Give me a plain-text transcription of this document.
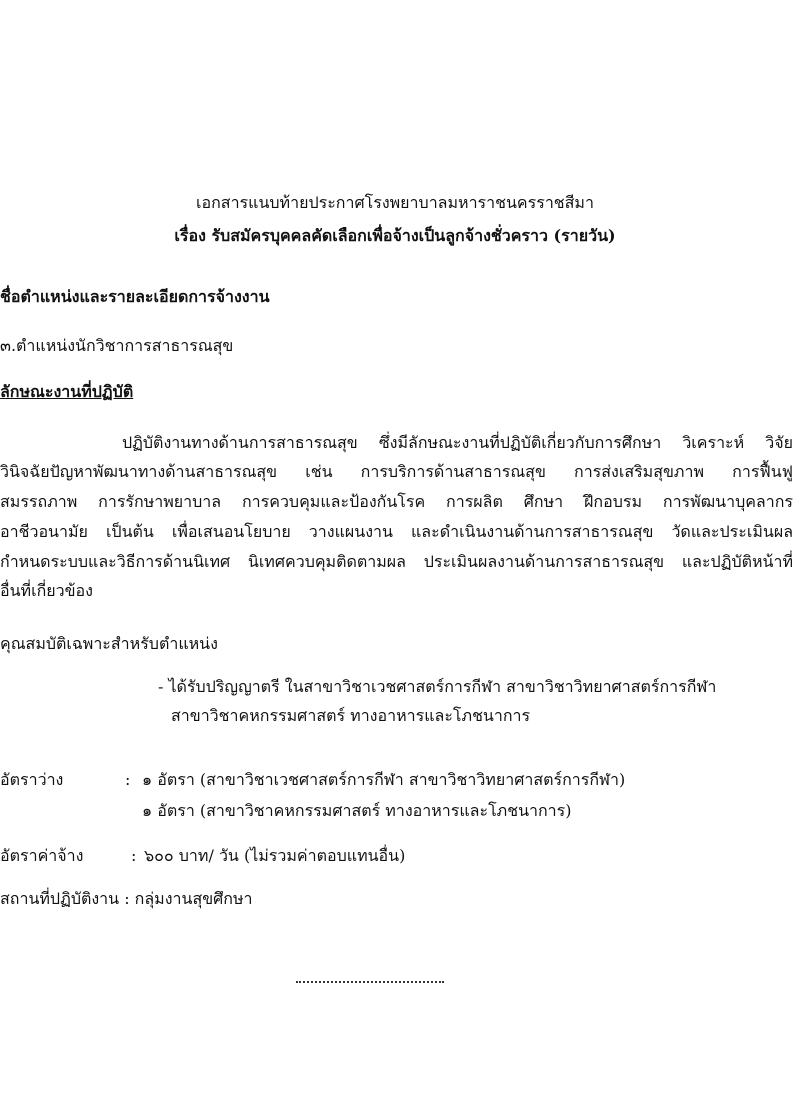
เอกสารแนบท้ายประกาศโรงพยาบาลมหาราชนครราชสีมา
เรื่อง รับสมัครบุคคลคัดเลือกเพื่อจ้างเป็นลูกจ้างชั่วคราว (รายวัน)
ชื่อตำแหน่งและรายละเอียดการจ้างงาน
๓.ตำแหน่งนักวิชาการสาธารณสุข
ลักษณะงานที่ปฏิบัติ
ปฏิบัติงานทางด้านการสาธารณสุข ซึ่งมีลักษณะงานที่ปฏิบัติเกี่ยวกับการศึกษา วิเคราะห์ วิจัย
วินิจฉัยปัญหาพัฒนาทางด้านสาธารณสุข เช่น การบริการด้านสาธารณสุข การส่งเสริมสุขภาพ การฟื้นฟู
สมรรถภาพ การรักษาพยาบาล การควบคุมและป้องกันโรค การผลิต ศึกษา ฝึกอบรม การพัฒนาบุคลากร
อาชีวอนามัย เป็นต้น เพื่อเสนอนโยบาย วางแผนงาน และดำเนินงานด้านการสาธารณสุข วัดและประเมินผล
กำหนดระบบและวิธีการด้านนิเทศ นิเทศควบคุมติดตามผล ประเมินผลงานด้านการสาธารณสุข และปฏิบัติหน้าที่
อื่นที่เกี่ยวข้อง
คุณสมบัติเฉพาะสำหรับตำแหน่ง
- ได้รับปริญญาตรี ในสาขาวิชาเวชศาสตร์การกีฬา สาขาวิชาวิทยาศาสตร์การกีฬา
สาขาวิชาคหกรรมศาสตร์ ทางอาหารและโภชนาการ
อัตราว่าง	: ๑ อัตรา (สาขาวิชาเวชศาสตร์การกีฬา สาขาวิชาวิทยาศาสตร์การกีฬา)
๑ อัตรา (สาขาวิชาคหกรรมศาสตร์ ทางอาหารและโภชนาการ)
อัตราค่าจ้าง	: ๖๐๐ บาท/ วัน (ไม่รวมค่าตอบแทนอื่น)
สถานที่ปฏิบัติงาน : กลุ่มงานสุขศึกษา
